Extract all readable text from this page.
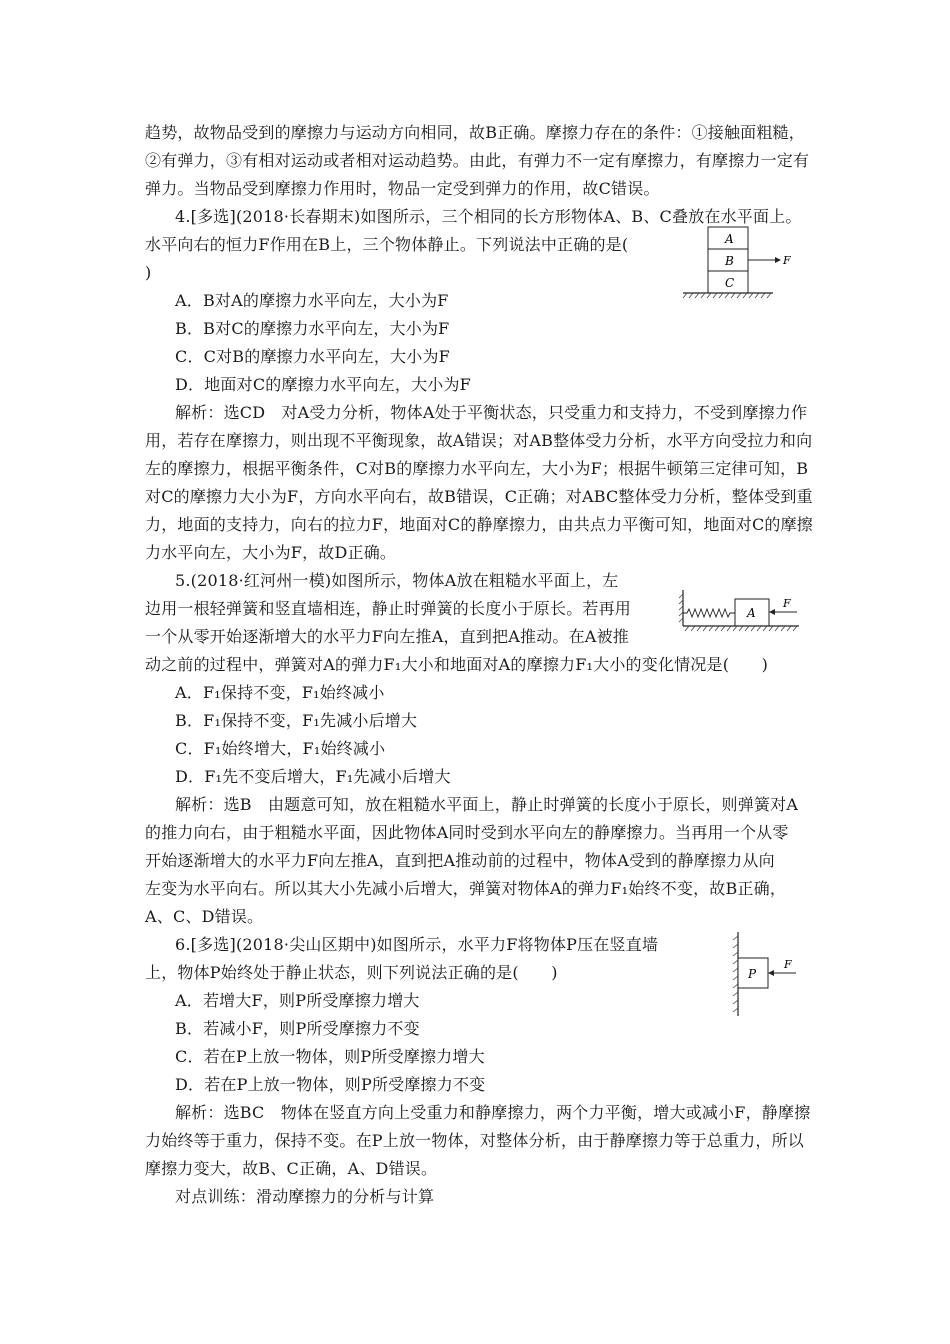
趋势，故物品受到的摩擦力与运动方向相同，故B正确。摩擦力存在的条件：①接触面粗糙，
②有弹力，③有相对运动或者相对运动趋势。由此，有弹力不一定有摩擦力，有摩擦力一定有
弹力。当物品受到摩擦力作用时，物品一定受到弹力的作用，故C错误。
4.[多选](2018·长春期末)如图所示，三个相同的长方形物体A、B、C叠放在水平面上。
水平向右的恒力F作用在B上，三个物体静止。下列说法中正确的是(
)
A．B对A的摩擦力水平向左，大小为F
B．B对C的摩擦力水平向左，大小为F
C．C对B的摩擦力水平向左，大小为F
D．地面对C的摩擦力水平向左，大小为F
解析：选CD　对A受力分析，物体A处于平衡状态，只受重力和支持力，不受到摩擦力作
用，若存在摩擦力，则出现不平衡现象，故A错误；对AB整体受力分析，水平方向受拉力和向
左的摩擦力，根据平衡条件，C对B的摩擦力水平向左，大小为F；根据牛顿第三定律可知，B
对C的摩擦力大小为F，方向水平向右，故B错误，C正确；对ABC整体受力分析，整体受到重
力，地面的支持力，向右的拉力F，地面对C的静摩擦力，由共点力平衡可知，地面对C的摩擦
力水平向左，大小为F，故D正确。
5.(2018·红河州一模)如图所示，物体A放在粗糙水平面上，左
边用一根轻弹簧和竖直墙相连，静止时弹簧的长度小于原长。若再用
一个从零开始逐渐增大的水平力F向左推A，直到把A推动。在A被推
动之前的过程中，弹簧对A的弹力F₁大小和地面对A的摩擦力F₁大小的变化情况是(　　)
A．F₁保持不变，F₁始终减小
B．F₁保持不变，F₁先减小后增大
C．F₁始终增大，F₁始终减小
D．F₁先不变后增大，F₁先减小后增大
解析：选B　由题意可知，放在粗糙水平面上，静止时弹簧的长度小于原长，则弹簧对A
的推力向右，由于粗糙水平面，因此物体A同时受到水平向左的静摩擦力。当再用一个从零
开始逐渐增大的水平力F向左推A，直到把A推动前的过程中，物体A受到的静摩擦力从向
左变为水平向右。所以其大小先减小后增大，弹簧对物体A的弹力F₁始终不变，故B正确，
A、C、D错误。
6.[多选](2018·尖山区期中)如图所示，水平力F将物体P压在竖直墙
上，物体P始终处于静止状态，则下列说法正确的是(　　)
A．若增大F，则P所受摩擦力增大
B．若减小F，则P所受摩擦力不变
C．若在P上放一物体，则P所受摩擦力增大
D．若在P上放一物体，则P所受摩擦力不变
解析：选BC　物体在竖直方向上受重力和静摩擦力，两个力平衡，增大或减小F，静摩擦
力始终等于重力，保持不变。在P上放一物体，对整体分析，由于静摩擦力等于总重力，所以
摩擦力变大，故B、C正确，A、D错误。
对点训练：滑动摩擦力的分析与计算
A
B
C
F
A
F
P
F
